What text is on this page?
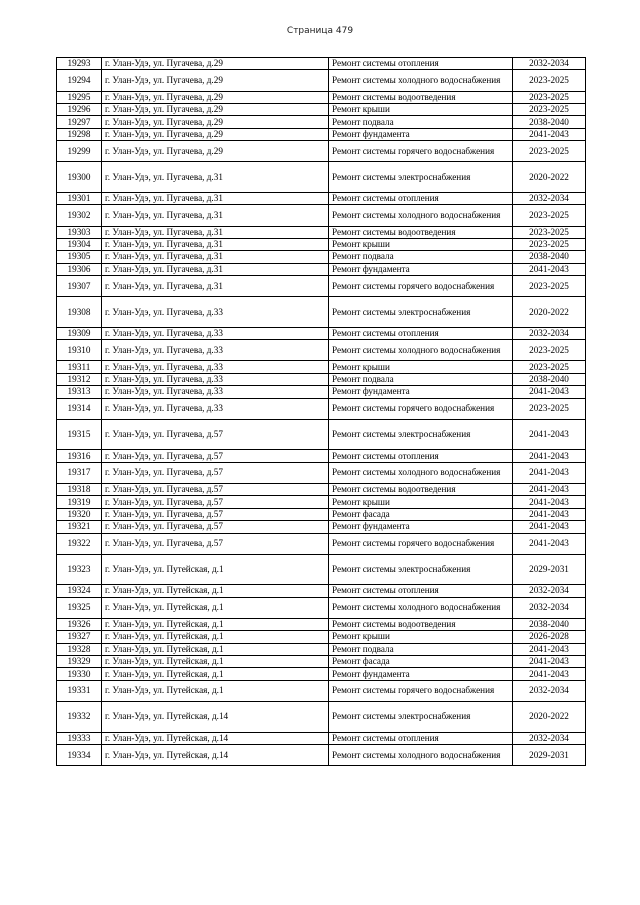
Страница 479
19293	г. Улан-Удэ, ул. Пугачева, д.29	Ремонт системы отопления	2032-2034
19294	г. Улан-Удэ, ул. Пугачева, д.29	Ремонт системы холодного водоснабжения	2023-2025
19295	г. Улан-Удэ, ул. Пугачева, д.29	Ремонт системы водоотведения	2023-2025
19296	г. Улан-Удэ, ул. Пугачева, д.29	Ремонт крыши	2023-2025
19297	г. Улан-Удэ, ул. Пугачева, д.29	Ремонт подвала	2038-2040
19298	г. Улан-Удэ, ул. Пугачева, д.29	Ремонт фундамента	2041-2043
19299	г. Улан-Удэ, ул. Пугачева, д.29	Ремонт системы горячего водоснабжения	2023-2025
19300	г. Улан-Удэ, ул. Пугачева, д.31	Ремонт системы электроснабжения	2020-2022
19301	г. Улан-Удэ, ул. Пугачева, д.31	Ремонт системы отопления	2032-2034
19302	г. Улан-Удэ, ул. Пугачева, д.31	Ремонт системы холодного водоснабжения	2023-2025
19303	г. Улан-Удэ, ул. Пугачева, д.31	Ремонт системы водоотведения	2023-2025
19304	г. Улан-Удэ, ул. Пугачева, д.31	Ремонт крыши	2023-2025
19305	г. Улан-Удэ, ул. Пугачева, д.31	Ремонт подвала	2038-2040
19306	г. Улан-Удэ, ул. Пугачева, д.31	Ремонт фундамента	2041-2043
19307	г. Улан-Удэ, ул. Пугачева, д.31	Ремонт системы горячего водоснабжения	2023-2025
19308	г. Улан-Удэ, ул. Пугачева, д.33	Ремонт системы электроснабжения	2020-2022
19309	г. Улан-Удэ, ул. Пугачева, д.33	Ремонт системы отопления	2032-2034
19310	г. Улан-Удэ, ул. Пугачева, д.33	Ремонт системы холодного водоснабжения	2023-2025
19311	г. Улан-Удэ, ул. Пугачева, д.33	Ремонт крыши	2023-2025
19312	г. Улан-Удэ, ул. Пугачева, д.33	Ремонт подвала	2038-2040
19313	г. Улан-Удэ, ул. Пугачева, д.33	Ремонт фундамента	2041-2043
19314	г. Улан-Удэ, ул. Пугачева, д.33	Ремонт системы горячего водоснабжения	2023-2025
19315	г. Улан-Удэ, ул. Пугачева, д.57	Ремонт системы электроснабжения	2041-2043
19316	г. Улан-Удэ, ул. Пугачева, д.57	Ремонт системы отопления	2041-2043
19317	г. Улан-Удэ, ул. Пугачева, д.57	Ремонт системы холодного водоснабжения	2041-2043
19318	г. Улан-Удэ, ул. Пугачева, д.57	Ремонт системы водоотведения	2041-2043
19319	г. Улан-Удэ, ул. Пугачева, д.57	Ремонт крыши	2041-2043
19320	г. Улан-Удэ, ул. Пугачева, д.57	Ремонт фасада	2041-2043
19321	г. Улан-Удэ, ул. Пугачева, д.57	Ремонт фундамента	2041-2043
19322	г. Улан-Удэ, ул. Пугачева, д.57	Ремонт системы горячего водоснабжения	2041-2043
19323	г. Улан-Удэ, ул. Путейская, д.1	Ремонт системы электроснабжения	2029-2031
19324	г. Улан-Удэ, ул. Путейская, д.1	Ремонт системы отопления	2032-2034
19325	г. Улан-Удэ, ул. Путейская, д.1	Ремонт системы холодного водоснабжения	2032-2034
19326	г. Улан-Удэ, ул. Путейская, д.1	Ремонт системы водоотведения	2038-2040
19327	г. Улан-Удэ, ул. Путейская, д.1	Ремонт крыши	2026-2028
19328	г. Улан-Удэ, ул. Путейская, д.1	Ремонт подвала	2041-2043
19329	г. Улан-Удэ, ул. Путейская, д.1	Ремонт фасада	2041-2043
19330	г. Улан-Удэ, ул. Путейская, д.1	Ремонт фундамента	2041-2043
19331	г. Улан-Удэ, ул. Путейская, д.1	Ремонт системы горячего водоснабжения	2032-2034
19332	г. Улан-Удэ, ул. Путейская, д.14	Ремонт системы электроснабжения	2020-2022
19333	г. Улан-Удэ, ул. Путейская, д.14	Ремонт системы отопления	2032-2034
19334	г. Улан-Удэ, ул. Путейская, д.14	Ремонт системы холодного водоснабжения	2029-2031
